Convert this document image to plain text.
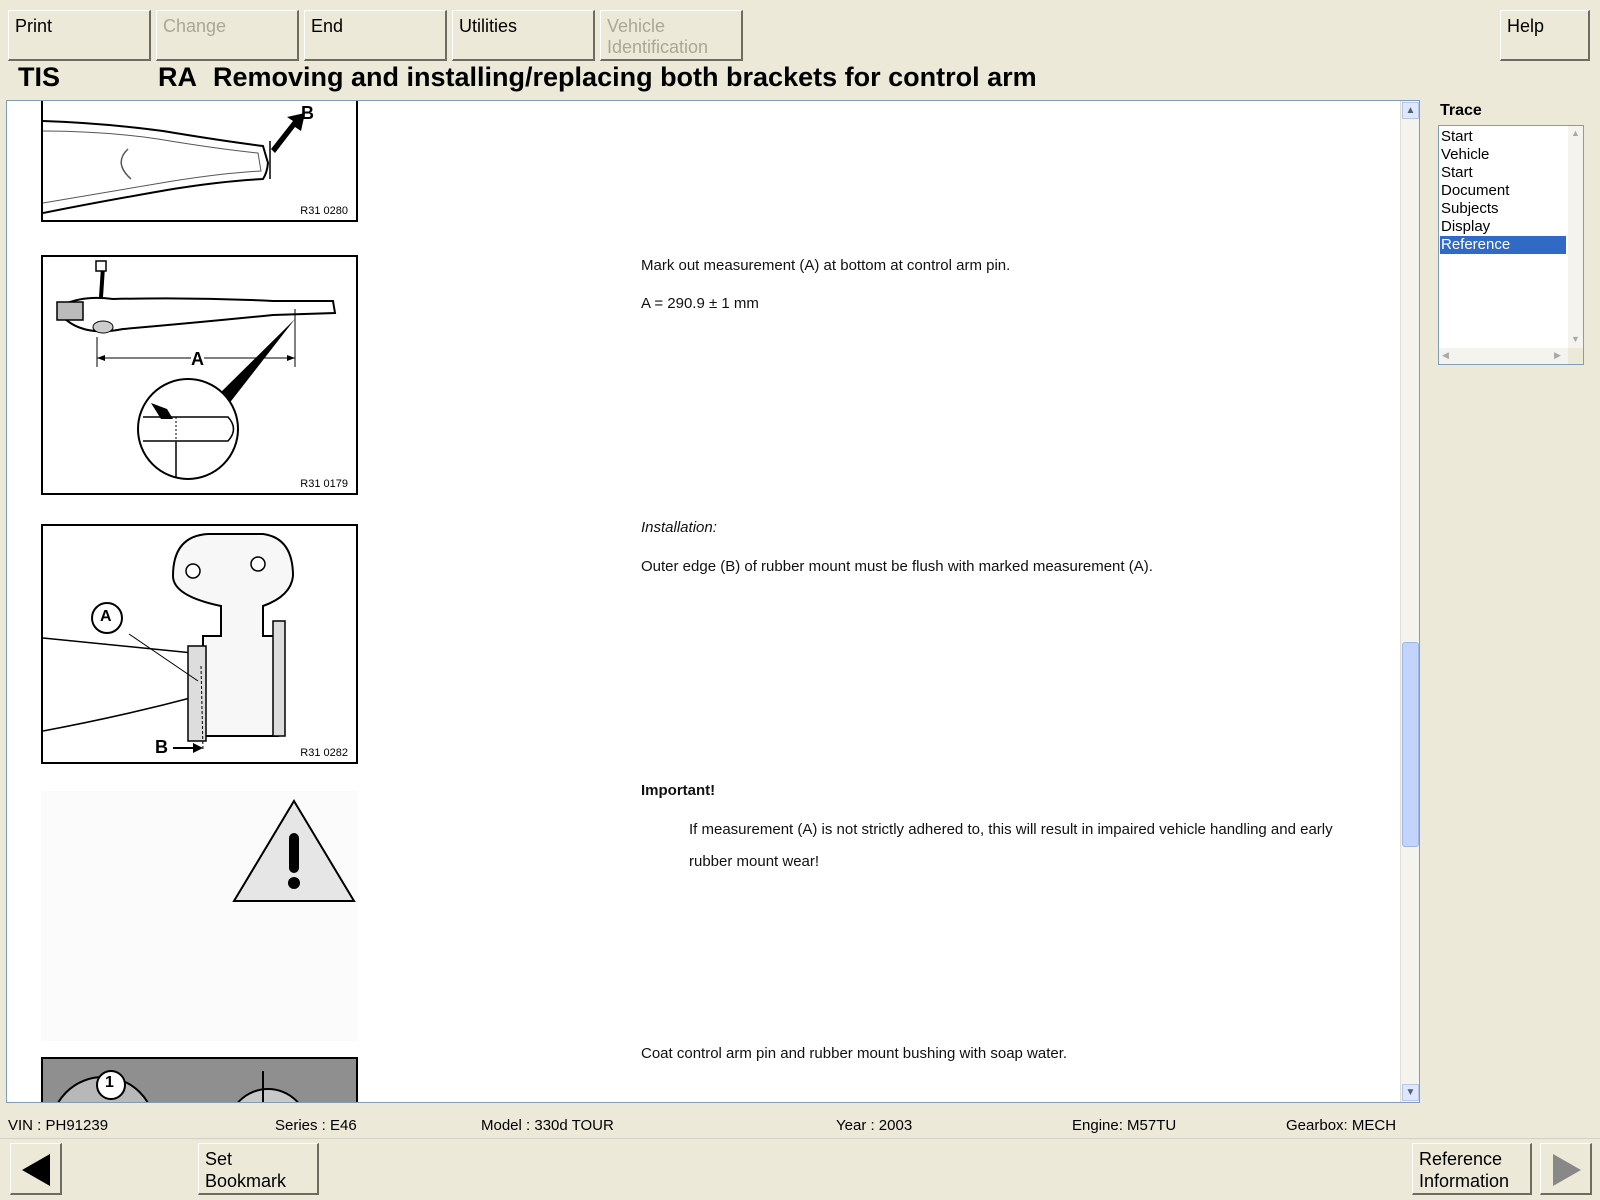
Print	Change	End	Utilities	Vehicle
Identification
Help
TIS	RA Removing and installing/replacing both brackets for control arm
B
R31 0280
A
R31 0179
A
B	R31 0282
1
Mark out measurement (A) at bottom at control arm pin.
A = 290.9 ± 1 mm
Installation:
Outer edge (B) of rubber mount must be flush with marked measurement (A).
Important!
If measurement (A) is not strictly adhered to, this will result in impaired vehicle handling and early
rubber mount wear!
Coat control arm pin and rubber mount bushing with soap water.
▲
▼
Trace
Start
Vehicle
Start
Document
Subjects
Display
Reference
▲
▼
◀	▶
VIN : PH91239	Series : E46	Model : 330d TOUR	Year : 2003	Engine: M57TU	Gearbox: MECH
Set
Bookmark
Reference
Information
